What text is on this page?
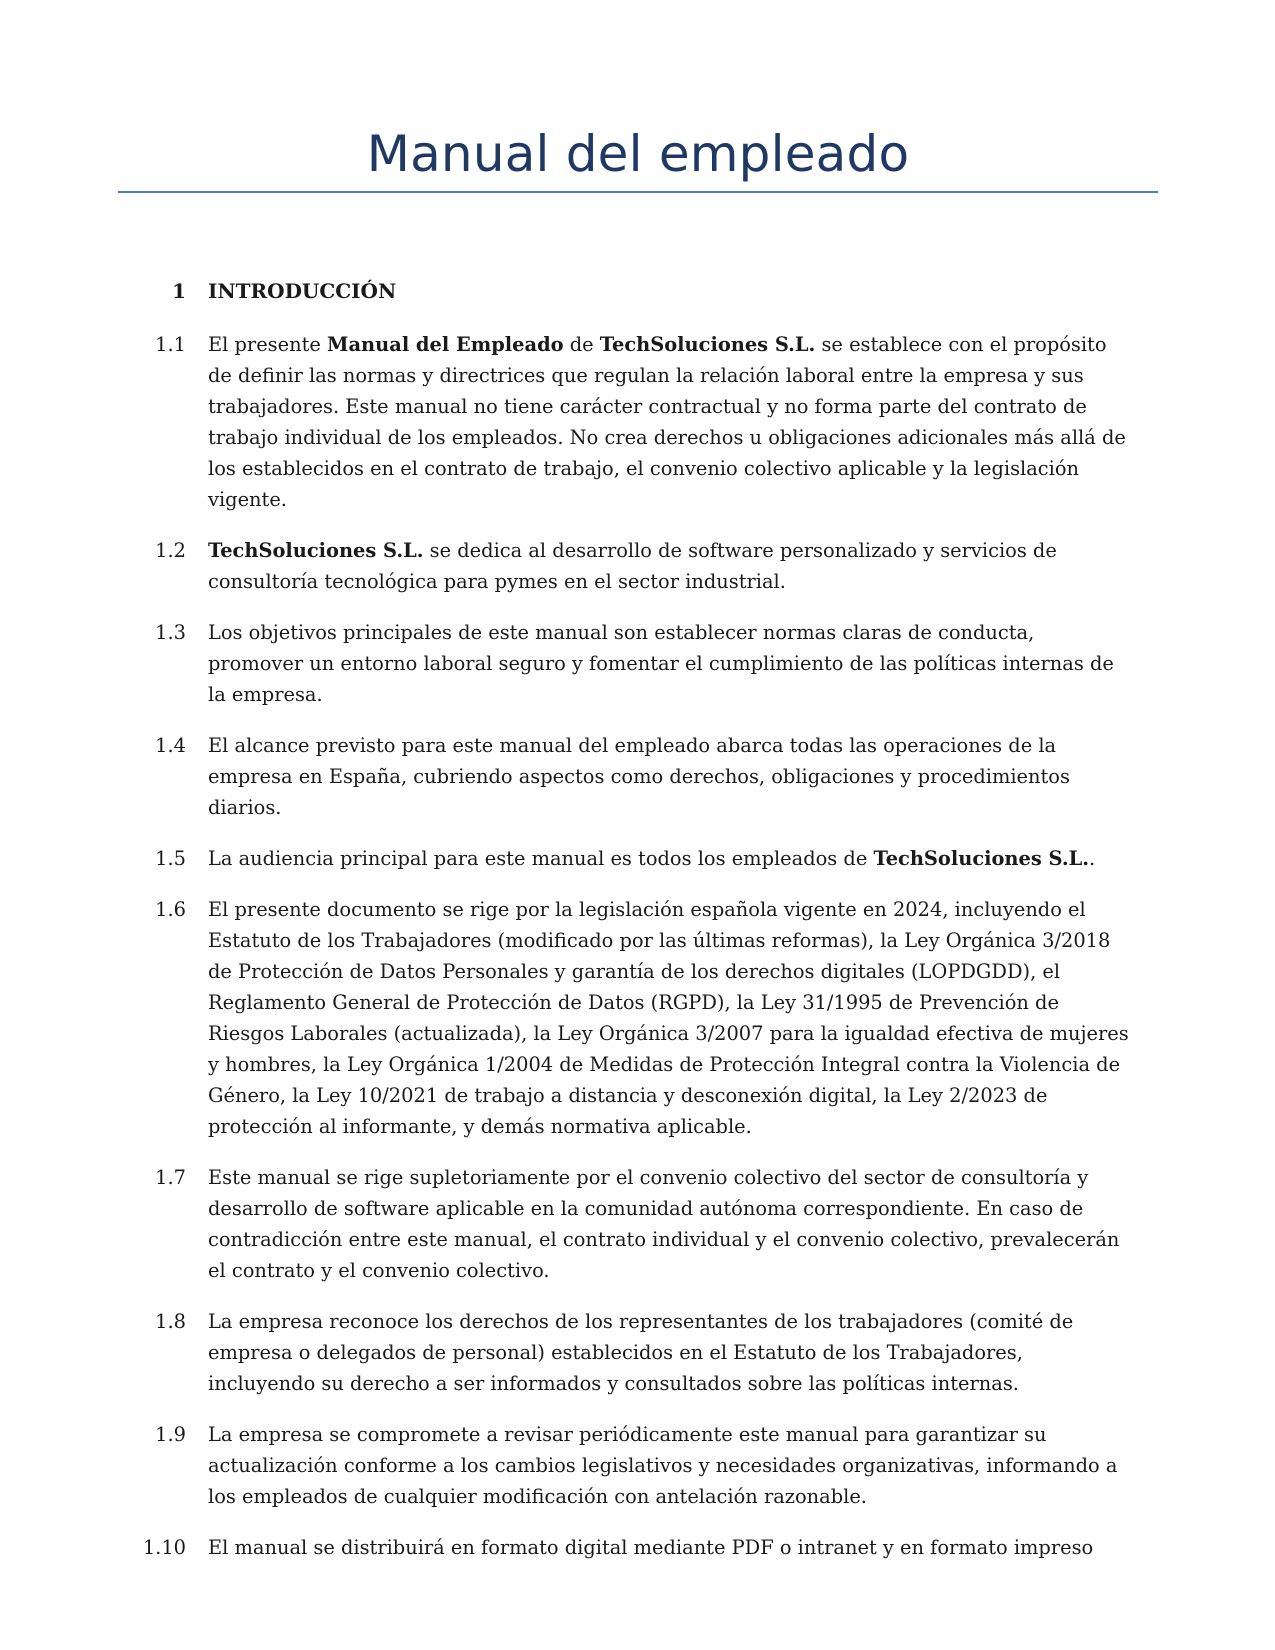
Manual del empleado
1 INTRODUCCIÓN
1.1 El presente Manual del Empleado de TechSoluciones S.L. se establece con el propósito de definir las normas y directrices que regulan la relación laboral entre la empresa y sus trabajadores. Este manual no tiene carácter contractual y no forma parte del contrato de trabajo individual de los empleados. No crea derechos u obligaciones adicionales más allá de los establecidos en el contrato de trabajo, el convenio colectivo aplicable y la legislación vigente.
1.2 TechSoluciones S.L. se dedica al desarrollo de software personalizado y servicios de consultoría tecnológica para pymes en el sector industrial.
1.3 Los objetivos principales de este manual son establecer normas claras de conducta, promover un entorno laboral seguro y fomentar el cumplimiento de las políticas internas de la empresa.
1.4 El alcance previsto para este manual del empleado abarca todas las operaciones de la empresa en España, cubriendo aspectos como derechos, obligaciones y procedimientos diarios.
1.5 La audiencia principal para este manual es todos los empleados de TechSoluciones S.L..
1.6 El presente documento se rige por la legislación española vigente en 2024, incluyendo el Estatuto de los Trabajadores (modificado por las últimas reformas), la Ley Orgánica 3/2018 de Protección de Datos Personales y garantía de los derechos digitales (LOPDGDD), el Reglamento General de Protección de Datos (RGPD), la Ley 31/1995 de Prevención de Riesgos Laborales (actualizada), la Ley Orgánica 3/2007 para la igualdad efectiva de mujeres y hombres, la Ley Orgánica 1/2004 de Medidas de Protección Integral contra la Violencia de Género, la Ley 10/2021 de trabajo a distancia y desconexión digital, la Ley 2/2023 de protección al informante, y demás normativa aplicable.
1.7 Este manual se rige supletoriamente por el convenio colectivo del sector de consultoría y desarrollo de software aplicable en la comunidad autónoma correspondiente. En caso de contradicción entre este manual, el contrato individual y el convenio colectivo, prevalecerán el contrato y el convenio colectivo.
1.8 La empresa reconoce los derechos de los representantes de los trabajadores (comité de empresa o delegados de personal) establecidos en el Estatuto de los Trabajadores, incluyendo su derecho a ser informados y consultados sobre las políticas internas.
1.9 La empresa se compromete a revisar periódicamente este manual para garantizar su actualización conforme a los cambios legislativos y necesidades organizativas, informando a los empleados de cualquier modificación con antelación razonable.
1.10 El manual se distribuirá en formato digital mediante PDF o intranet y en formato impreso
